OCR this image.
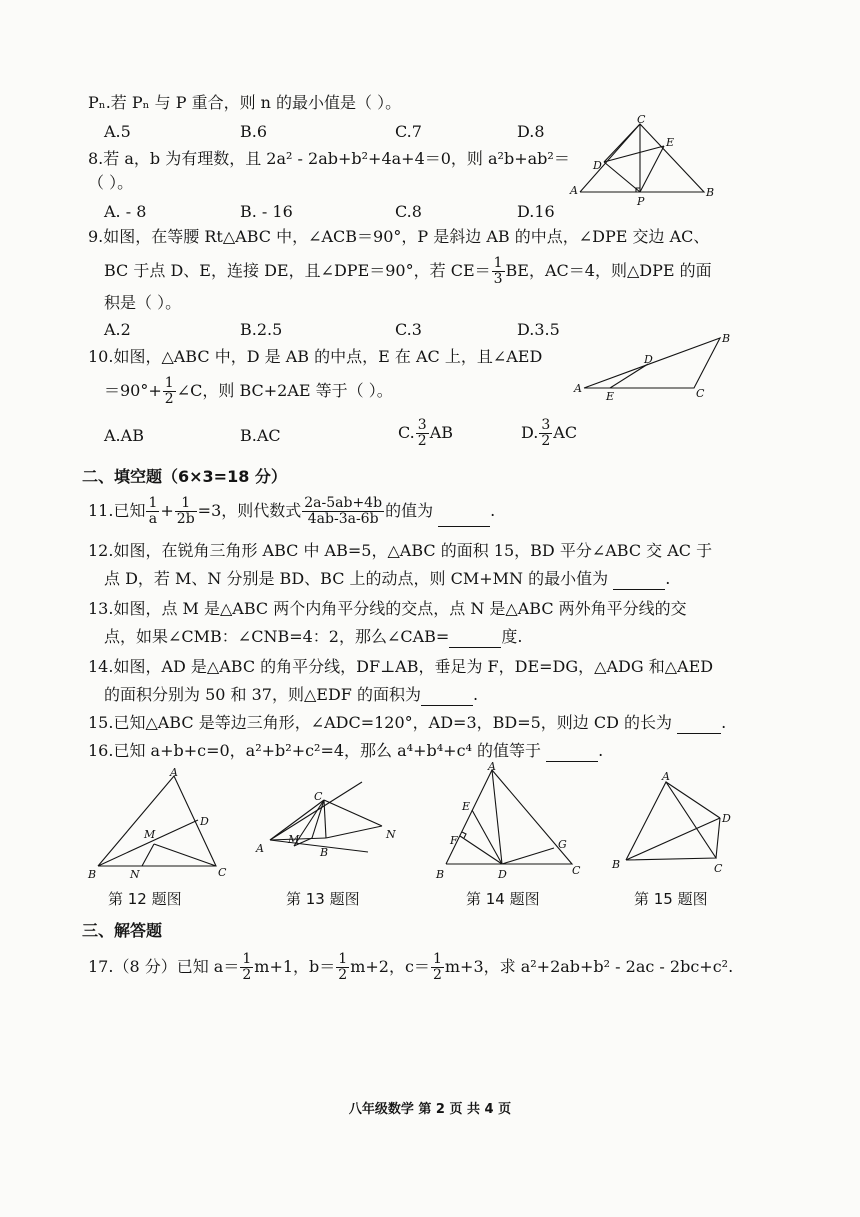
Pₙ.若 Pₙ 与 P 重合，则 n 的最小值是（ ）。
A.5	B.6	C.7	D.8
8.若 a，b 为有理数，且 2a² - 2ab+b²+4a+4＝0，则 a²b+ab²＝
（ ）。
A. - 8	B. - 16	C.8	D.16
C
E
D
A
P
B
9.如图，在等腰 Rt△ABC 中，∠ACB＝90°，P 是斜边 AB 的中点，∠DPE 交边 AC、
BC 于点 D、E，连接 DE，且∠DPE＝90°，若 $CE= \frac{1}{3}$ BE，AC＝4，则△DPE 的面
积是（ ）。
A.2	B.2.5	C.3	D.3.5	B
D
A
E	C
10.如图，△ABC 中，D 是 AB 的中点，E 在 AC 上，且∠AED
$=90^\circ+ \frac{1}{2}$ ∠C，则 BC+2AE 等于（ ）。
A.AB	B.AC	C. $\frac{3}{2}$ AB	D. $\frac{3}{2}$ AC
二、填空题（6×3=18 分）
11.已知 $\frac{1}{a} + \frac{1}{2b} =3$，则代数式 $\frac{2a-5ab+4b}{4ab-3a-6b}$ 的值为	.
12.如图，在锐角三角形 ABC 中 AB=5，△ABC 的面积 15，BD 平分∠ABC 交 AC 于
点 D，若 M、N 分别是 BD、BC 上的动点，则 CM+MN 的最小值为	.
13.如图，点 M 是△ABC 两个内角平分线的交点，点 N 是△ABC 两外角平分线的交
点，如果∠CMB：∠CNB=4：2，那么∠CAB=	度.
14.如图，AD 是△ABC 的角平分线，DF⊥AB，垂足为 F，DE=DG，△ADG 和△AED
的面积分别为 50 和 37，则△EDF 的面积为	.
15.已知△ABC 是等边三角形，∠ADC=120°，AD=3，BD=5，则边 CD 的长为	.
16.已知 a+b+c=0，a²+b²+c²=4，那么 a⁴+b⁴+c⁴ 的值等于	.
A
D
M
B	N	C
第 12 题图
C
A
M	N
B
第 13 题图
A
E
F	G
B	D	C
第 14 题图
A
D
B	C
第 15 题图
三、解答题
17.（8 分）已知 $a= \frac{1}{2} m+1$，$b= \frac{1}{2} m+2$，$c= \frac{1}{2} m+3$，求 a²+2ab+b² - 2ac - 2bc+c².
八年级数学 第 2 页 共 4 页
